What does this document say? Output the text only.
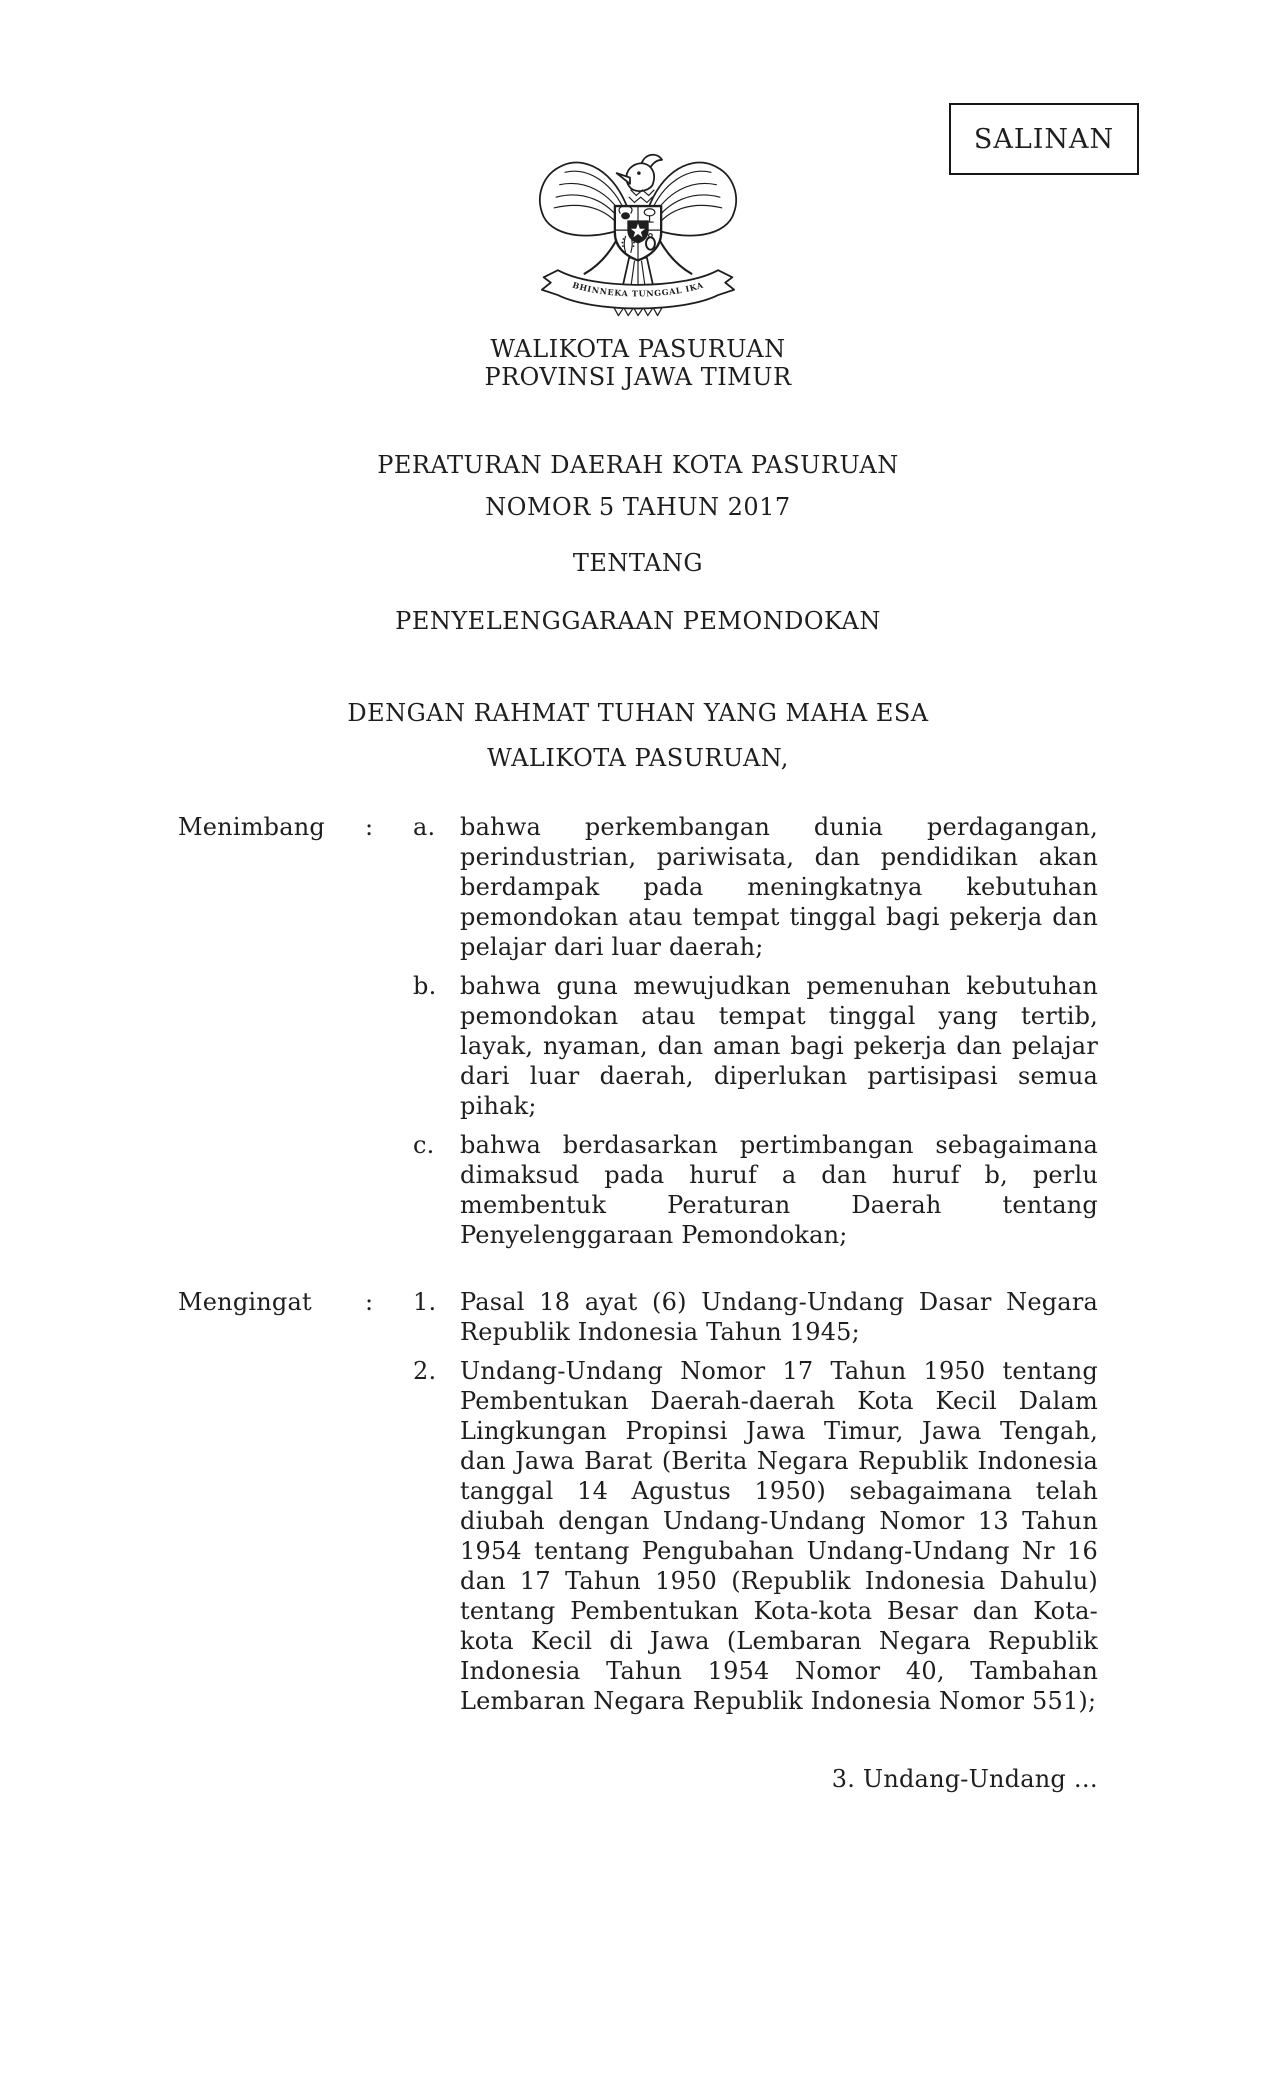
SALINAN
BHINNEKA TUNGGAL IKA
WALIKOTA PASURUAN
PROVINSI JAWA TIMUR
PERATURAN DAERAH KOTA PASURUAN
NOMOR 5 TAHUN 2017
TENTANG
PENYELENGGARAAN PEMONDOKAN
DENGAN RAHMAT TUHAN YANG MAHA ESA
WALIKOTA PASURUAN,
Menimbang	:	a.	bahwa perkembangan dunia perdagangan, perindustrian, pariwisata, dan pendidikan akan berdampak pada meningkatnya kebutuhan pemondokan atau tempat tinggal bagi pekerja dan pelajar dari luar daerah;
b. bahwa guna mewujudkan pemenuhan kebutuhan pemondokan atau tempat tinggal yang tertib, layak, nyaman, dan aman bagi pekerja dan pelajar dari luar daerah, diperlukan partisipasi semua pihak;
c.	bahwa berdasarkan pertimbangan sebagaimana dimaksud pada huruf a dan huruf b, perlu membentuk Peraturan Daerah tentang Penyelenggaraan Pemondokan;
Mengingat	:	1. Pasal 18 ayat (6) Undang-Undang Dasar Negara Republik Indonesia Tahun 1945;
2. Undang-Undang Nomor 17 Tahun 1950 tentang Pembentukan Daerah-daerah Kota Kecil Dalam Lingkungan Propinsi Jawa Timur, Jawa Tengah, dan Jawa Barat (Berita Negara Republik Indonesia tanggal 14 Agustus 1950) sebagaimana telah diubah dengan Undang-Undang Nomor 13 Tahun 1954 tentang Pengubahan Undang-Undang Nr 16 dan 17 Tahun 1950 (Republik Indonesia Dahulu) tentang Pembentukan Kota-kota Besar dan Kota-kota Kecil di Jawa (Lembaran Negara Republik Indonesia Tahun 1954 Nomor 40, Tambahan Lembaran Negara Republik Indonesia Nomor 551);
3. Undang-Undang …
